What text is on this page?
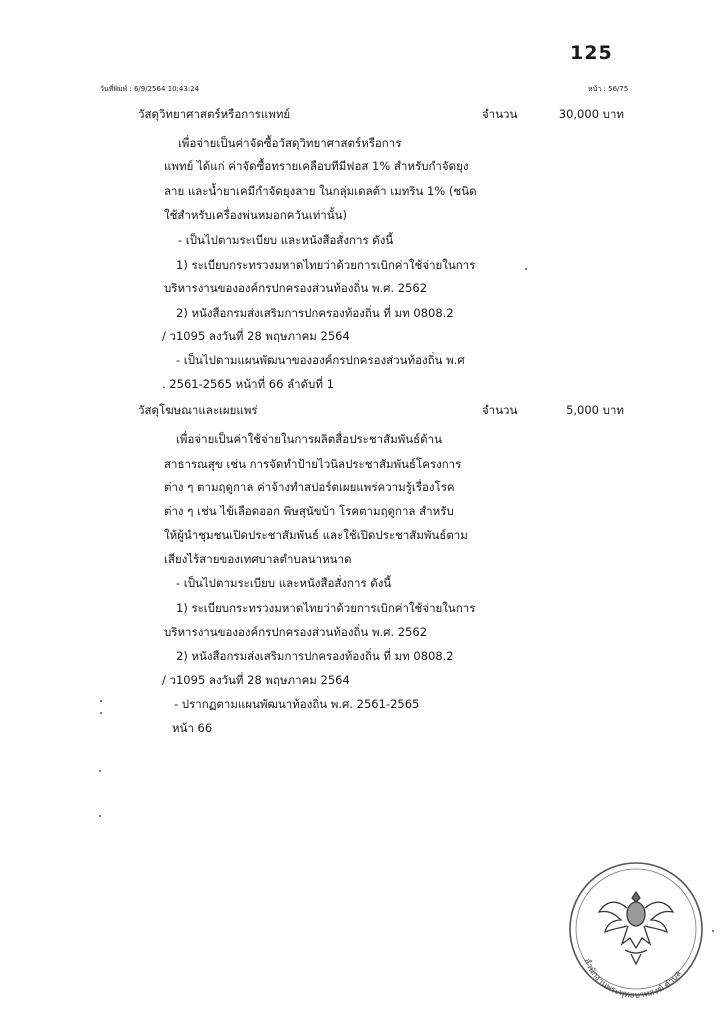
125
วันที่พิมพ์ : 6/9/2564 10:43:24	หน้า : 56/75
วัสดุวิทยาศาสตร์หรือการแพทย์	จำนวน	30,000 บาท
เพื่อจ่ายเป็นค่าจัดซื้อวัสดุวิทยาศาสตร์หรือการ
แพทย์ ได้แก่ ค่าจัดซื้อทรายเคลือบทีมีฟอส 1% สำหรับกำจัดยุง
ลาย และน้ำยาเคมีกำจัดยุงลาย ในกลุ่มเดลต้า เมทริน 1% (ชนิด
ใช้สำหรับเครื่องพ่นหมอกควันเท่านั้น)
- เป็นไปตามระเบียบ และหนังสือสั่งการ ดังนี้
1) ระเบียบกระทรวงมหาดไทยว่าด้วยการเบิกค่าใช้จ่ายในการ
บริหารงานขององค์กรปกครองส่วนท้องถิ่น พ.ศ. 2562
2) หนังสือกรมส่งเสริมการปกครองท้องถิ่น ที่ มท 0808.2
/ ว1095 ลงวันที่ 28 พฤษภาคม 2564
- เป็นไปตามแผนพัฒนาขององค์กรปกครองส่วนท้องถิ่น พ.ศ
. 2561-2565 หน้าที่ 66 ลำดับที่ 1
วัสดุโฆษณาและเผยแพร่	จำนวน	5,000 บาท
เพื่อจ่ายเป็นค่าใช้จ่ายในการผลิตสื่อประชาสัมพันธ์ด้าน
สาธารณสุข เช่น การจัดทำป้ายไวนิลประชาสัมพันธ์โครงการ
ต่าง ๆ ตามฤดูกาล ค่าจ้างทำสปอร์ตเผยแพร่ความรู้เรื่องโรค
ต่าง ๆ เช่น ไข้เลือดออก พิษสุนัขบ้า โรคตามฤดูกาล สำหรับ
ให้ผู้นำชุมชนเปิดประชาสัมพันธ์ และใช้เปิดประชาสัมพันธ์ตาม
เสียงไร้สายของเทศบาลตำบลนาหนาด
- เป็นไปตามระเบียบ และหนังสือสั่งการ ดังนี้
1) ระเบียบกระทรวงมหาดไทยว่าด้วยการเบิกค่าใช้จ่ายในการ
บริหารงานขององค์กรปกครองส่วนท้องถิ่น พ.ศ. 2562
2) หนังสือกรมส่งเสริมการปกครองท้องถิ่น ที่ มท 0808.2
/ ว1095 ลงวันที่ 28 พฤษภาคม 2564
- ปรากฏตามแผนพัฒนาท้องถิ่น พ.ศ. 2561-2565
หน้า 66
สำนักงานพระพุทธบาทสงฆ์ ตำบล
